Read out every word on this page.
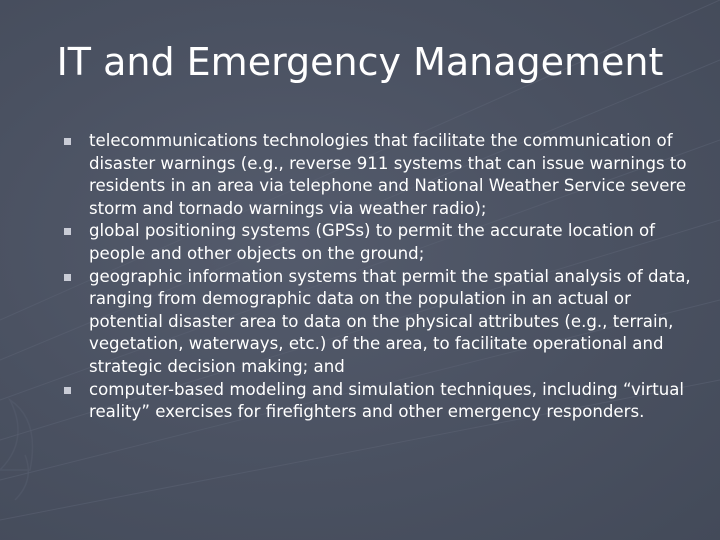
IT and Emergency Management
telecommunications technologies that facilitate the communication of disaster warnings (e.g., reverse 911 systems that can issue warnings to residents in an area via telephone and National Weather Service severe storm and tornado warnings via weather radio);
global positioning systems (GPSs) to permit the accurate location of people and other objects on the ground;
geographic information systems that permit the spatial analysis of data, ranging from demographic data on the population in an actual or potential disaster area to data on the physical attributes (e.g., terrain, vegetation, waterways, etc.) of the area, to facilitate operational and strategic decision making; and
computer-based modeling and simulation techniques, including “virtual reality” exercises for firefighters and other emergency responders.
